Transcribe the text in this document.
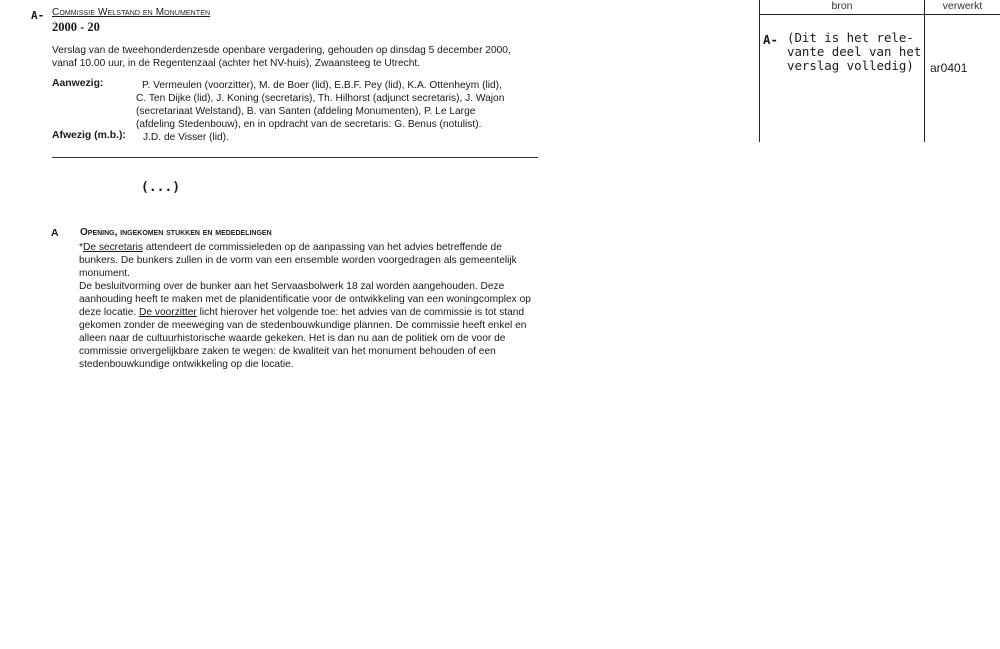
A- Commissie Welstand en Monumenten
2000 - 20
Verslag van de tweehonderdenzesde openbare vergadering, gehouden op dinsdag 5 december 2000,
vanaf 10.00 uur, in de Regentenzaal (achter het NV-huis), Zwaansteeg te Utrecht.
Aanwezig:	P. Vermeulen (voorzitter), M. de Boer (lid), E.B.F. Pey (lid), K.A. Ottenheym (lid),
C. Ten Dijke (lid), J. Koning (secretaris), Th. Hilhorst (adjunct secretaris), J. Wajon
(secretariaat Welstand), B. van Santen (afdeling Monumenten), P. Le Large
(afdeling Stedenbouw), en in opdracht van de secretaris: G. Benus (notulist).
Afwezig (m.b.): J.D. de Visser (lid).
(...)
A Opening, ingekomen stukken en mededelingen
*De secretaris attendeert de commissieleden op de aanpassing van het advies betreffende de
bunkers. De bunkers zullen in de vorm van een ensemble worden voorgedragen als gemeentelijk
monument.
De besluitvorming over de bunker aan het Servaasbolwerk 18 zal worden aangehouden. Deze
aanhouding heeft te maken met de planidentificatie voor de ontwikkeling van een woningcomplex op
deze locatie. De voorzitter licht hierover het volgende toe: het advies van de commissie is tot stand
gekomen zonder de meeweging van de stedenbouwkundige plannen. De commissie heeft enkel en
alleen naar de cultuurhistorische waarde gekeken. Het is dan nu aan de politiek om de voor de
commissie onvergelijkbare zaken te wegen: de kwaliteit van het monument behouden of een
stedenbouwkundige ontwikkeling op die locatie.
bron	verwerkt
A- (Dit is het rele-
vante deel van het
verslag volledig) ar0401
